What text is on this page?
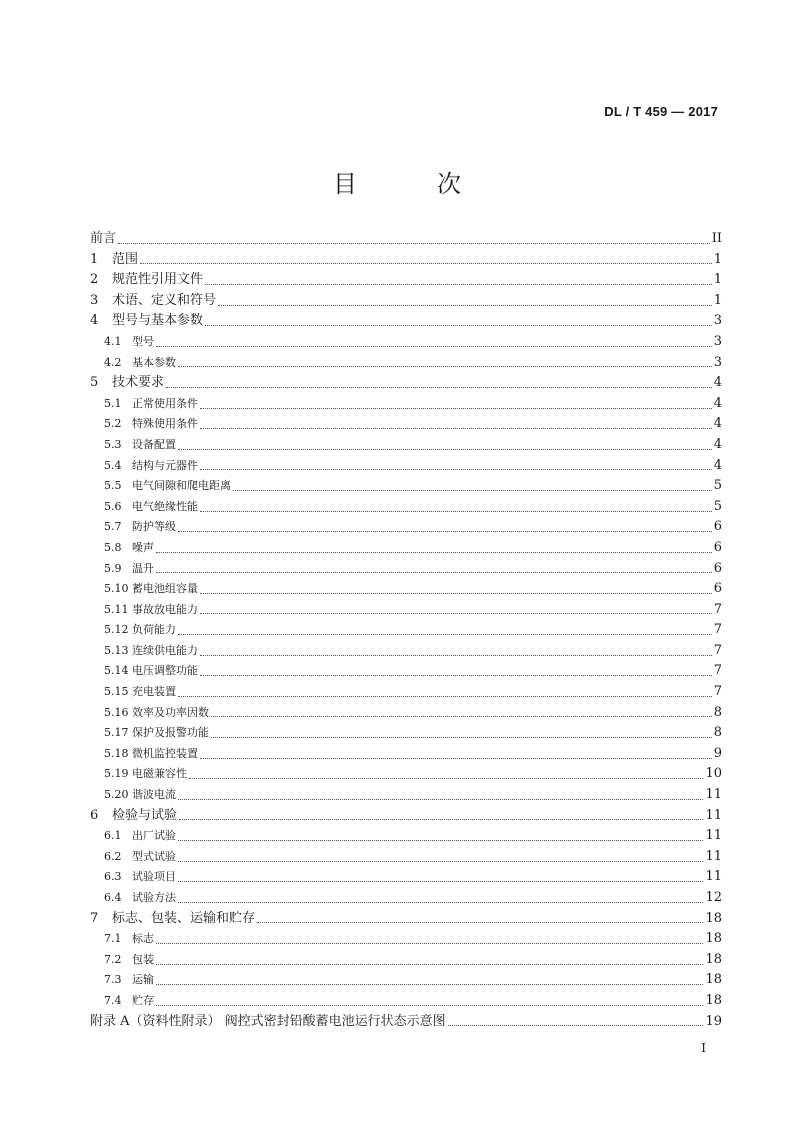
DL / T 459 — 2017
目　次
前言	II
1	范围	1
2	规范性引用文件	1
3	术语、定义和符号	1
4	型号与基本参数	3
4.1 型号	3
4.2 基本参数	3
5	技术要求	4
5.1 正常使用条件	4
5.2 特殊使用条件	4
5.3 设备配置	4
5.4 结构与元器件	4
5.5 电气间隙和爬电距离	5
5.6 电气绝缘性能	5
5.7 防护等级	6
5.8 噪声	6
5.9 温升	6
5.10 蓄电池组容量	6
5.11 事故放电能力	7
5.12 负荷能力	7
5.13 连续供电能力	7
5.14 电压调整功能	7
5.15 充电装置	7
5.16 效率及功率因数	8
5.17 保护及报警功能	8
5.18 微机监控装置	9
5.19 电磁兼容性	10
5.20 谐波电流	11
6	检验与试验	11
6.1 出厂试验	11
6.2 型式试验	11
6.3 试验项目	11
6.4 试验方法	12
7	标志、包装、运输和贮存	18
7.1 标志	18
7.2 包装	18
7.3 运输	18
7.4 贮存	18
附录 A（资料性附录） 阀控式密封铅酸蓄电池运行状态示意图	19
I
